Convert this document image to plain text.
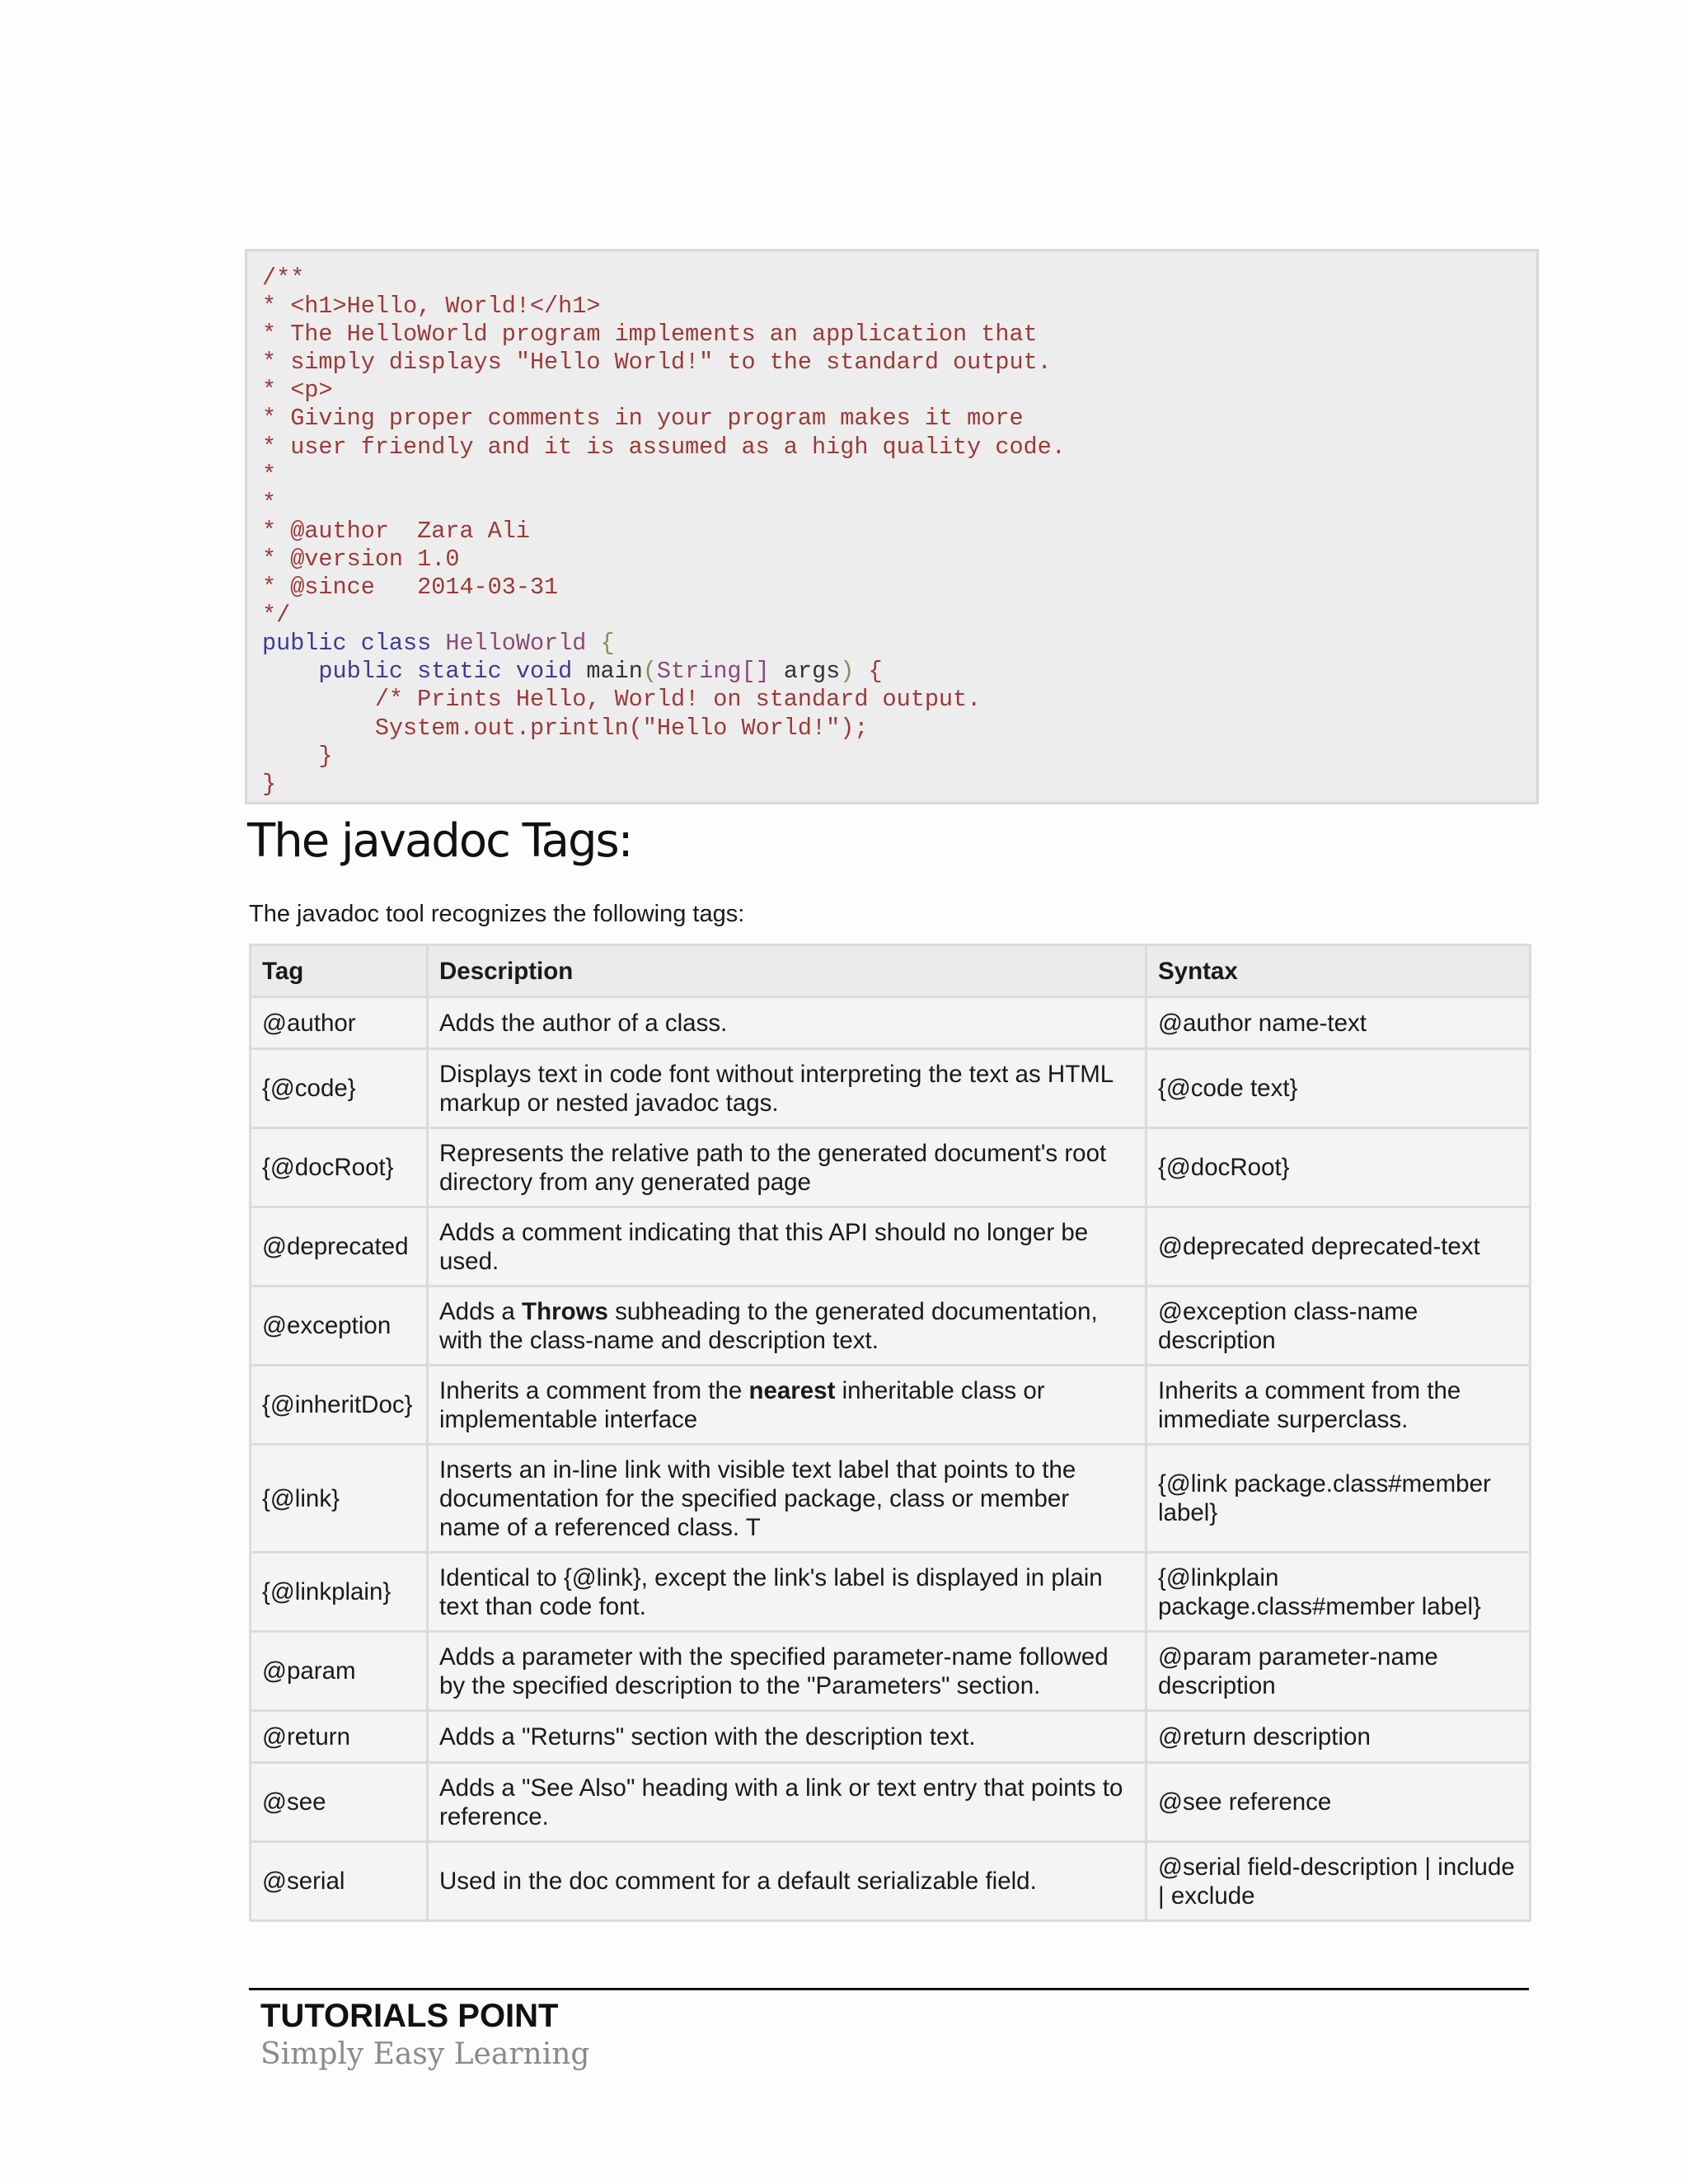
/**
* <h1>Hello, World!</h1>
* The HelloWorld program implements an application that
* simply displays "Hello World!" to the standard output.
* <p>
* Giving proper comments in your program makes it more
* user friendly and it is assumed as a high quality code.
*
*
* @author  Zara Ali
* @version 1.0
* @since   2014-03-31
*/
public class HelloWorld {
public static void main(String[] args) {
/* Prints Hello, World! on standard output.
System.out.println("Hello World!");
}
}
The javadoc Tags:

The javadoc tool recognizes the following tags:

Tag	Description	Syntax
@author	Adds the author of a class.	@author name-text
{@code}	Displays text in code font without interpreting the text as HTML markup or nested javadoc tags.	{@code text}
{@docRoot}	Represents the relative path to the generated document's root directory from any generated page	{@docRoot}
@deprecated	Adds a comment indicating that this API should no longer be used.	@deprecated deprecated-text
@exception	Adds a Throws subheading to the generated documentation, with the class-name and description text.	@exception class-name description
{@inheritDoc}	Inherits a comment from the nearest inheritable class or implementable interface	Inherits a comment from the immediate surperclass.
{@link}	Inserts an in-line link with visible text label that points to the documentation for the specified package, class or member name of a referenced class. T	{@link package.class#member label}
{@linkplain}	Identical to {@link}, except the link's label is displayed in plain text than code font.	{@linkplain package.class#member label}
@param	Adds a parameter with the specified parameter-name followed by the specified description to the "Parameters" section.	@param parameter-name description
@return	Adds a "Returns" section with the description text.	@return description
@see	Adds a "See Also" heading with a link or text entry that points to reference.	@see reference
@serial	Used in the doc comment for a default serializable field.	@serial field-description | include | exclude

TUTORIALS POINT

Simply Easy Learning
